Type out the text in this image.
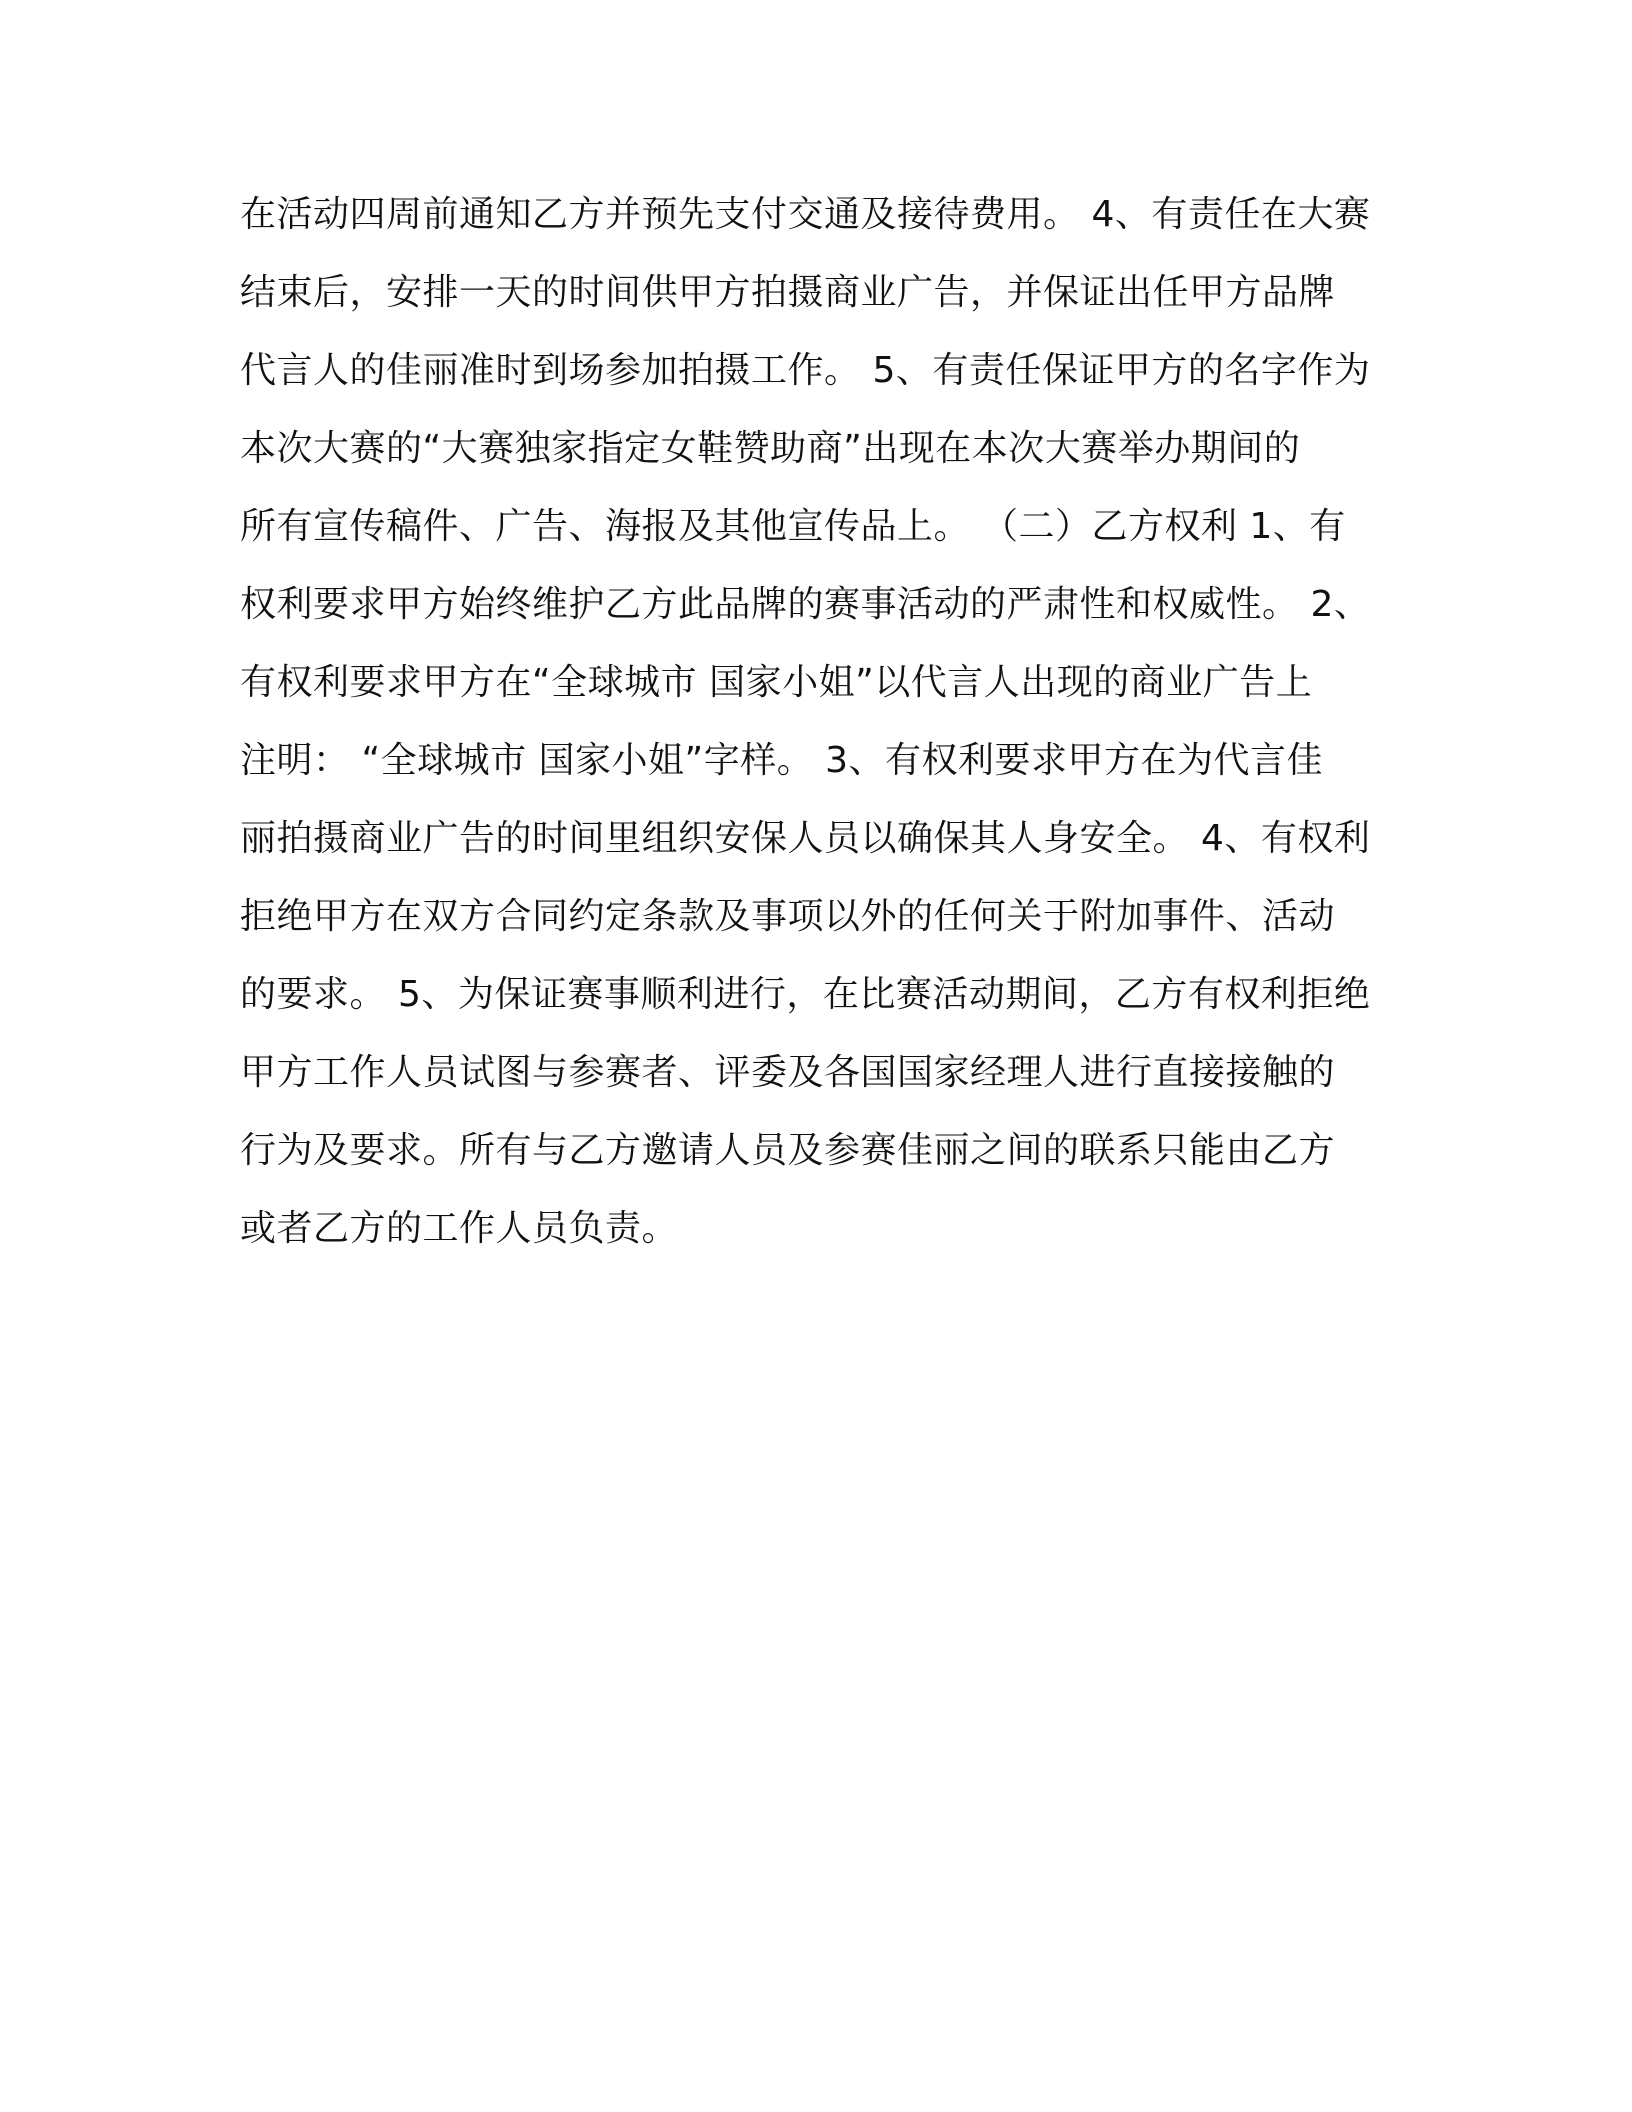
在活动四周前通知乙方并预先支付交通及接待费用。 4、有责任在大赛
结束后，安排一天的时间供甲方拍摄商业广告，并保证出任甲方品牌
代言人的佳丽准时到场参加拍摄工作。 5、有责任保证甲方的名字作为
本次大赛的“大赛独家指定女鞋赞助商”出现在本次大赛举办期间的
所有宣传稿件、广告、海报及其他宣传品上。 （二）乙方权利 1、有
权利要求甲方始终维护乙方此品牌的赛事活动的严肃性和权威性。 2、
有权利要求甲方在“全球城市 国家小姐”以代言人出现的商业广告上
注明： “全球城市 国家小姐”字样。 3、有权利要求甲方在为代言佳
丽拍摄商业广告的时间里组织安保人员以确保其人身安全。 4、有权利
拒绝甲方在双方合同约定条款及事项以外的任何关于附加事件、活动
的要求。 5、为保证赛事顺利进行，在比赛活动期间，乙方有权利拒绝
甲方工作人员试图与参赛者、评委及各国国家经理人进行直接接触的
行为及要求。所有与乙方邀请人员及参赛佳丽之间的联系只能由乙方
或者乙方的工作人员负责。
